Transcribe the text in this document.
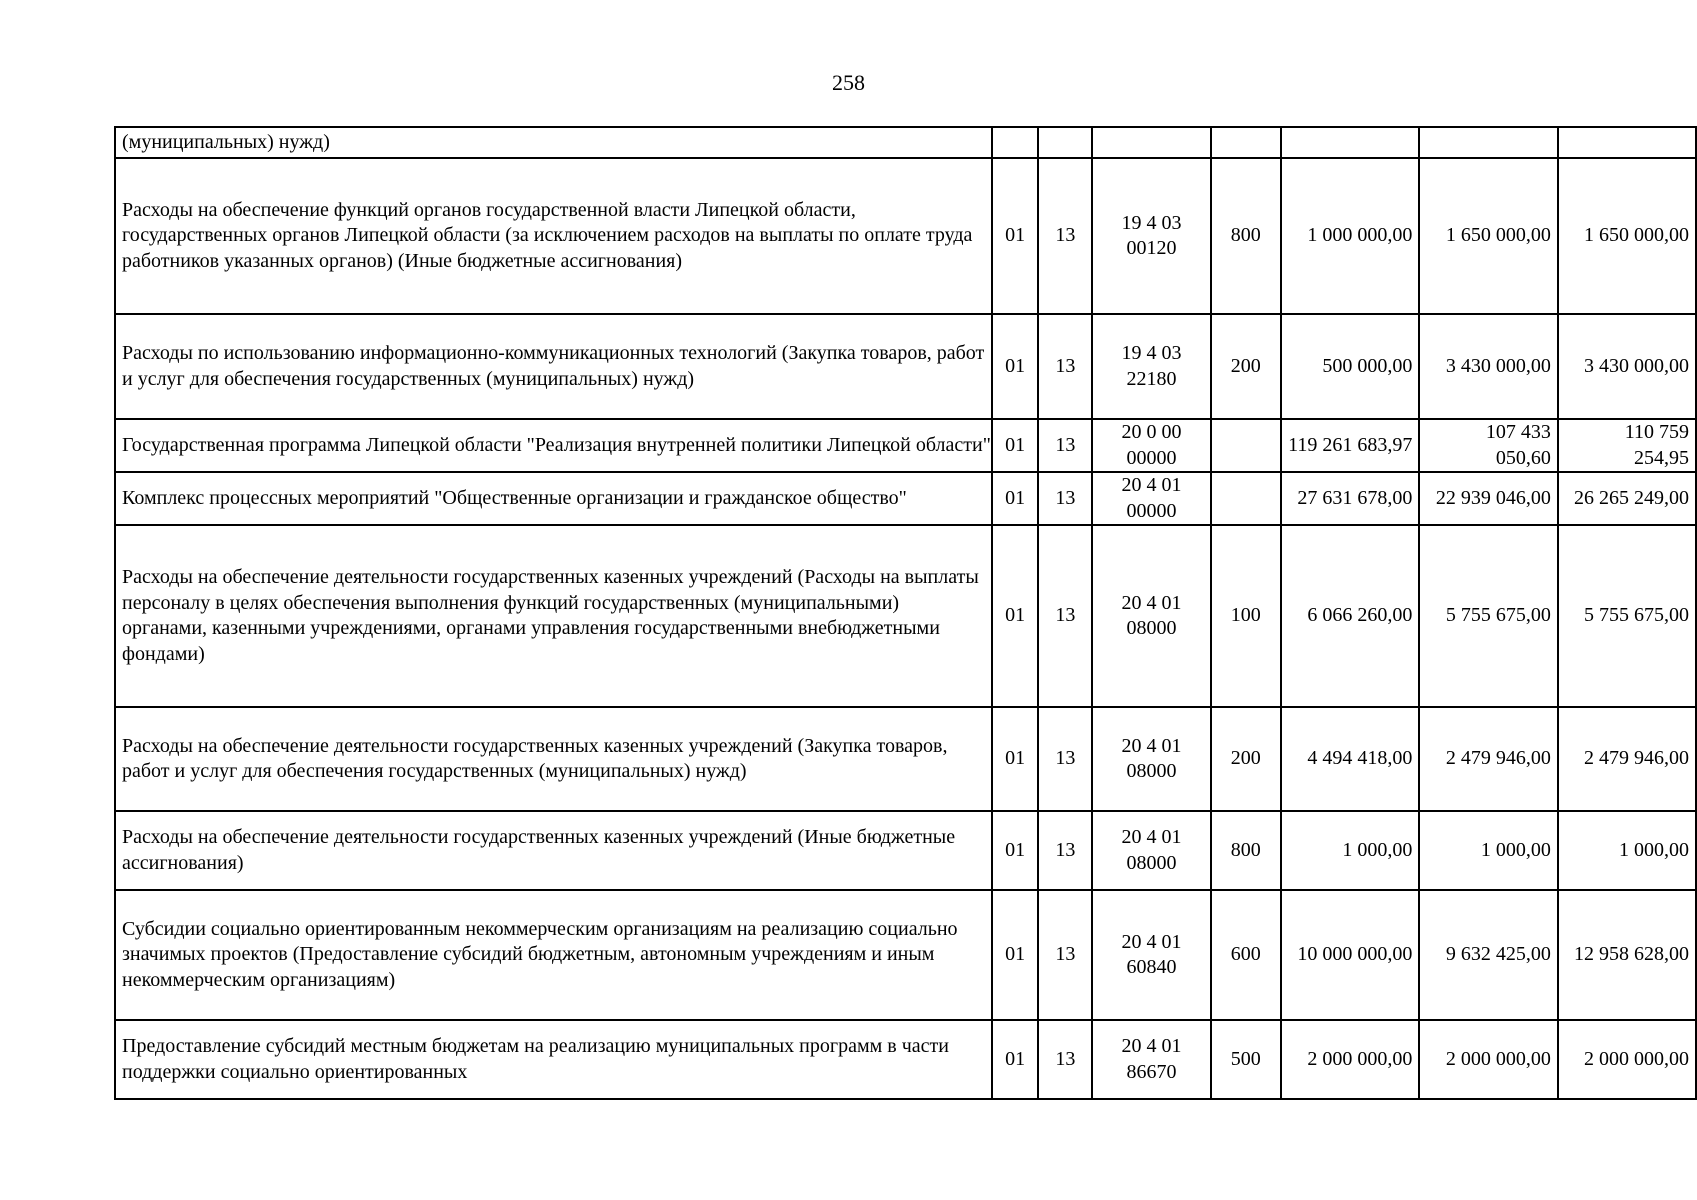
258
(муниципальных) нужд)							
Расходы на обеспечение функций органов государственной власти Липецкой области, государственных органов Липецкой области (за исключением расходов на выплаты по оплате труда работников указанных органов) (Иные бюджетные ассигнования)	01	13	19 4 03 00120	800	1 000 000,00	1 650 000,00	1 650 000,00
Расходы по использованию информационно-коммуникационных технологий (Закупка товаров, работ и услуг для обеспечения государственных (муниципальных) нужд)	01	13	19 4 03 22180	200	500 000,00	3 430 000,00	3 430 000,00
Государственная программа Липецкой области "Реализация внутренней политики Липецкой области"	01	13	20 0 00 00000		119 261 683,97	107 433 050,60	110 759 254,95
Комплекс процессных мероприятий "Общественные организации и гражданское общество"	01	13	20 4 01 00000		27 631 678,00	22 939 046,00	26 265 249,00
Расходы на обеспечение деятельности государственных казенных учреждений (Расходы на выплаты персоналу в целях обеспечения выполнения функций государственных (муниципальными) органами, казенными учреждениями, органами управления государственными внебюджетными фондами)	01	13	20 4 01 08000	100	6 066 260,00	5 755 675,00	5 755 675,00
Расходы на обеспечение деятельности государственных казенных учреждений (Закупка товаров, работ и услуг для обеспечения государственных (муниципальных) нужд)	01	13	20 4 01 08000	200	4 494 418,00	2 479 946,00	2 479 946,00
Расходы на обеспечение деятельности государственных казенных учреждений (Иные бюджетные ассигнования)	01	13	20 4 01 08000	800	1 000,00	1 000,00	1 000,00
Субсидии социально ориентированным некоммерческим организациям на реализацию социально значимых проектов (Предоставление субсидий бюджетным, автономным учреждениям и иным некоммерческим организациям)	01	13	20 4 01 60840	600	10 000 000,00	9 632 425,00	12 958 628,00
Предоставление субсидий местным бюджетам на реализацию муниципальных программ в части поддержки социально ориентированных	01	13	20 4 01 86670	500	2 000 000,00	2 000 000,00	2 000 000,00
